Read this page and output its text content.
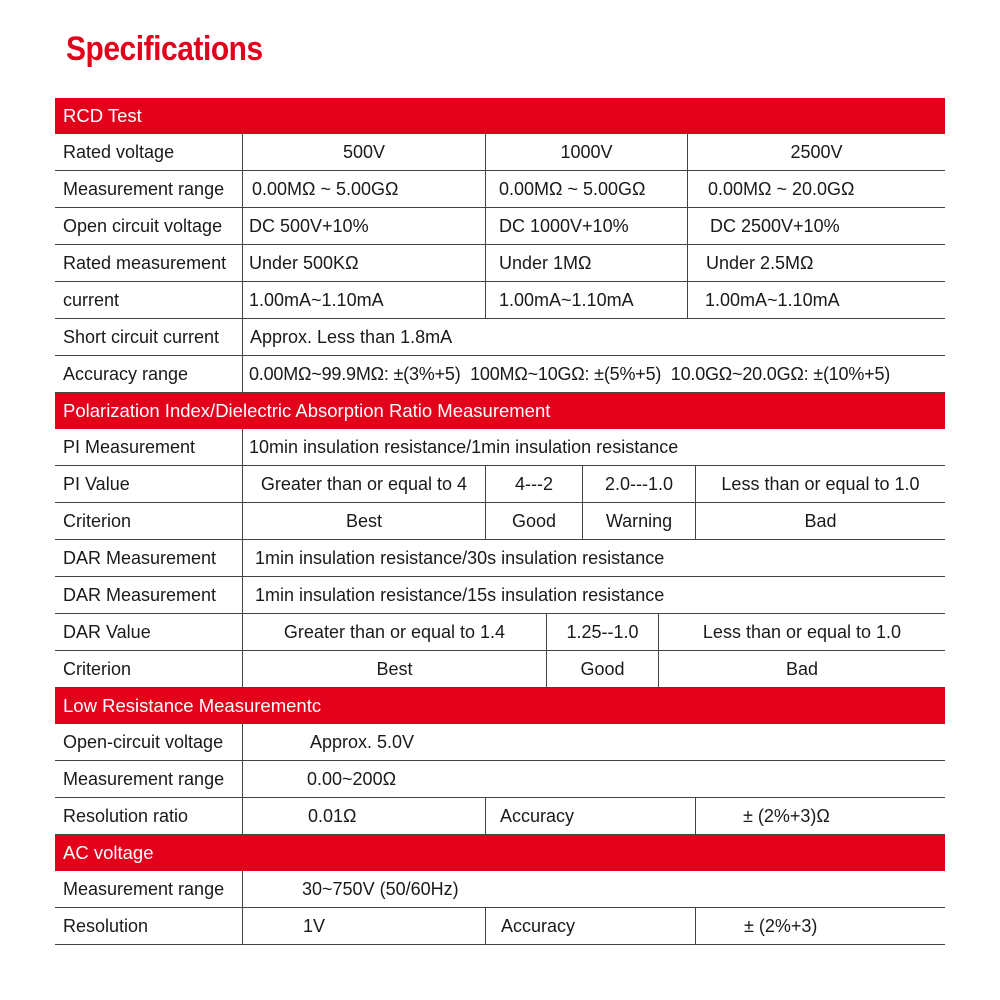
Specifications
RCD Test
Rated voltage	500V	1000V	2500V
Measurement range	0.00MΩ ~ 5.00GΩ	0.00MΩ ~ 5.00GΩ	0.00MΩ ~ 20.0GΩ
Open circuit voltage	DC 500V+10%	DC 1000V+10%	DC 2500V+10%
Rated measurement	Under 500KΩ	Under 1MΩ	Under 2.5MΩ
current	1.00mA~1.10mA	1.00mA~1.10mA	1.00mA~1.10mA
Short circuit current	Approx. Less than 1.8mA
Accuracy range	0.00MΩ~99.9MΩ: ±(3%+5)  100MΩ~10GΩ: ±(5%+5)  10.0GΩ~20.0GΩ: ±(10%+5)
Polarization Index/Dielectric Absorption Ratio Measurement
PI Measurement	10min insulation resistance/1min insulation resistance
PI Value	Greater than or equal to 4	4---2	2.0---1.0	Less than or equal to 1.0
Criterion	Best	Good	Warning	Bad
DAR Measurement	1min insulation resistance/30s insulation resistance
DAR Measurement	1min insulation resistance/15s insulation resistance
DAR Value	Greater than or equal to 1.4	1.25--1.0	Less than or equal to 1.0
Criterion	Best	Good	Bad
Low Resistance Measurementc
Open-circuit voltage	Approx. 5.0V
Measurement range	0.00~200Ω
Resolution ratio	0.01Ω	Accuracy	± (2%+3)Ω
AC voltage
Measurement range	30~750V (50/60Hz)
Resolution	1V	Accuracy	± (2%+3)
